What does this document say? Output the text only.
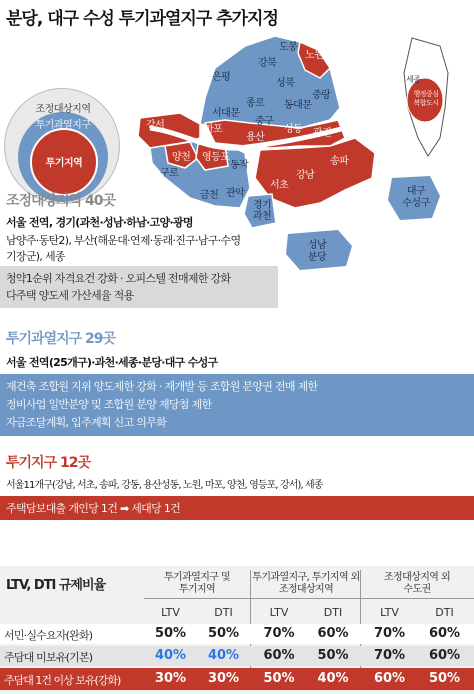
분당, 대구 수성 투기과열지구 추가지정
조정대상지역
투기과열지구
투기지역
도봉
노원
강북
은평
성북
중랑
종로 동대문
서대문
중구
강서	마포	광진
성동
용산
강동
양천 영등포
동작	송파
구로	강남
금천 관악
서초
경기
과천
대구
수성구
세종
행정중심
복합도시
성남
분당
조정대상지역 40곳
서울 전역, 경기(과천·성남·하남·고양·광명
남양주·동탄2), 부산(해운대·연제·동래·진구·남구·수영
기장군), 세종
청약1순위 자격요건 강화 · 오피스텔 전매제한 강화
다주택 양도세 가산세율 적용
투기과열지구 29곳
서울 전역(25개구)·과천·세종·분당·대구 수성구
재건축 조합원 지위 양도제한 강화 · 재개발 등 조합원 분양권 전매 제한
정비사업 일반분양 및 조합원 분양 재당첨 제한
자금조달계획, 입주계획 신고 의무화
투기지구 12곳
서울11개구(강남, 서초, 송파, 강동, 용산성동, 노원, 마포, 양천, 영등포, 강서), 세종
주택담보대출 개인당 1건 ➡ 세대당 1건
LTV, DTI 규제비율
투기과열지구 및
투기지역
투기과열지구, 투기지역 외
조정대상지역
조정대상지역 외
수도권
LTV	DTI	LTV	DTI	LTV	DTI
서민·실수요자(완화)	50%	50%	70%	60%	70%	60%
주담대 미보유(기본)	40%	40%	60%	50%	70%	60%
주담대 1건 이상 보유(강화)	30%	30%	50%	40%	60%	50%
